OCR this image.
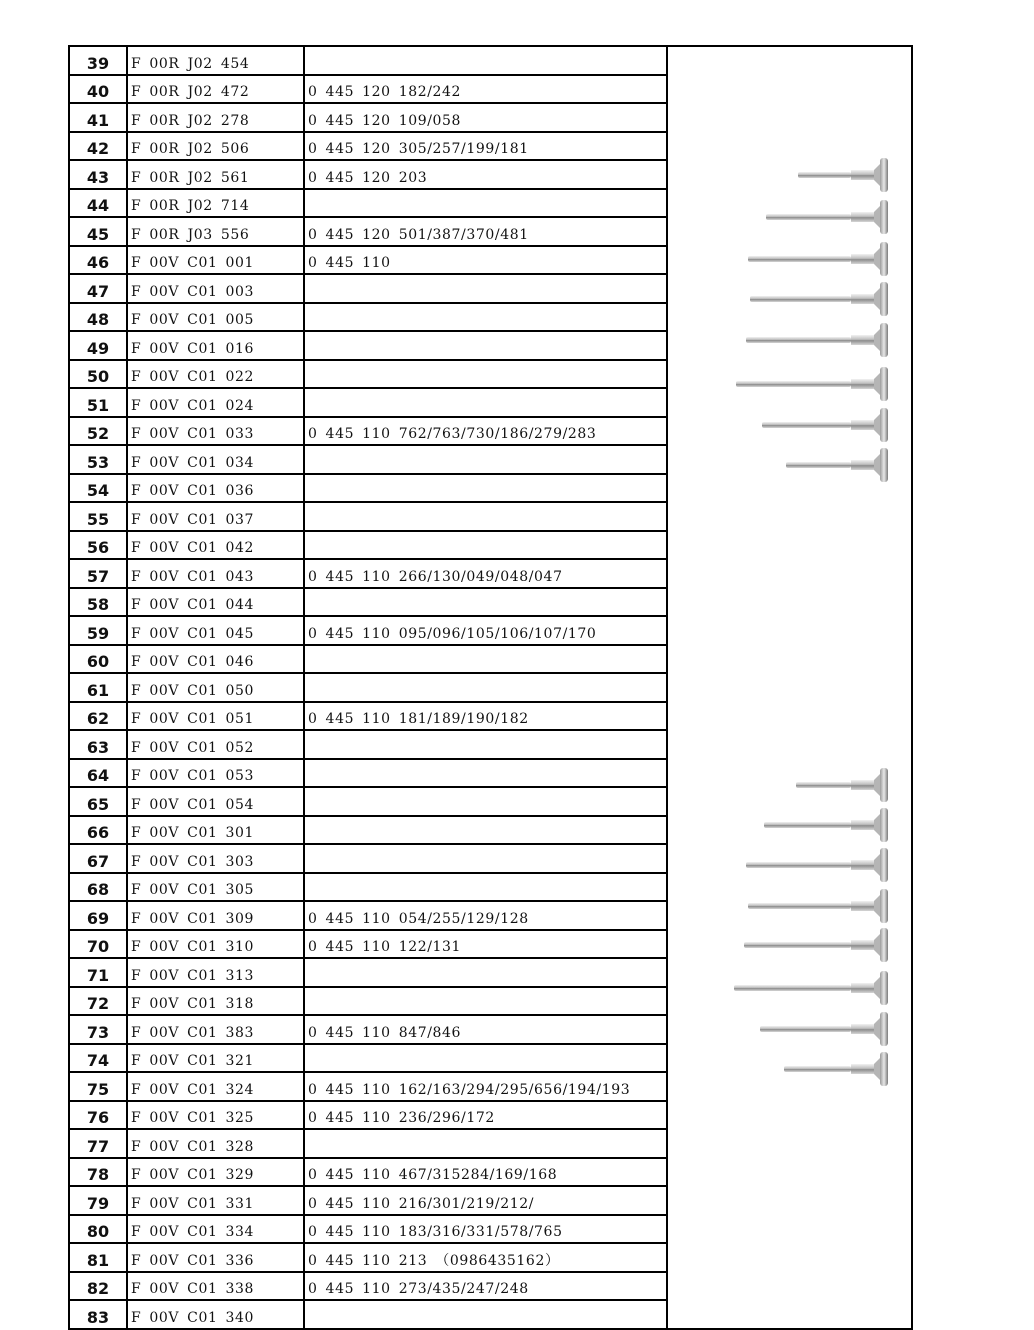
39	F 00R J02 454		

40	F 00R J02 472	0 445 120 182/242	
41	F 00R J02 278	0 445 120 109/058	
42	F 00R J02 506	0 445 120 305/257/199/181	
43	F 00R J02 561	0 445 120 203	
44	F 00R J02 714		
45	F 00R J03 556	0 445 120 501/387/370/481	
46	F 00V C01 001	0 445 110	
47	F 00V C01 003		
48	F 00V C01 005		
49	F 00V C01 016		
50	F 00V C01 022		
51	F 00V C01 024		
52	F 00V C01 033	0 445 110 762/763/730/186/279/283	
53	F 00V C01 034		
54	F 00V C01 036		
55	F 00V C01 037		
56	F 00V C01 042		
57	F 00V C01 043	0 445 110 266/130/049/048/047	
58	F 00V C01 044		
59	F 00V C01 045	0 445 110 095/096/105/106/107/170	
60	F 00V C01 046		
61	F 00V C01 050		
62	F 00V C01 051	0 445 110 181/189/190/182	
63	F 00V C01 052		
64	F 00V C01 053		
65	F 00V C01 054		
66	F 00V C01 301		
67	F 00V C01 303		
68	F 00V C01 305		
69	F 00V C01 309	0 445 110 054/255/129/128	
70	F 00V C01 310	0 445 110 122/131	
71	F 00V C01 313		
72	F 00V C01 318		
73	F 00V C01 383	0 445 110 847/846	
74	F 00V C01 321		
75	F 00V C01 324	0 445 110 162/163/294/295/656/194/193	
76	F 00V C01 325	0 445 110 236/296/172	
77	F 00V C01 328		
78	F 00V C01 329	0 445 110 467/315284/169/168	
79	F 00V C01 331	0 445 110 216/301/219/212/	
80	F 00V C01 334	0 445 110 183/316/331/578/765	
81	F 00V C01 336	0 445 110 213 （0986435162）	
82	F 00V C01 338	0 445 110 273/435/247/248	
83	F 00V C01 340		
